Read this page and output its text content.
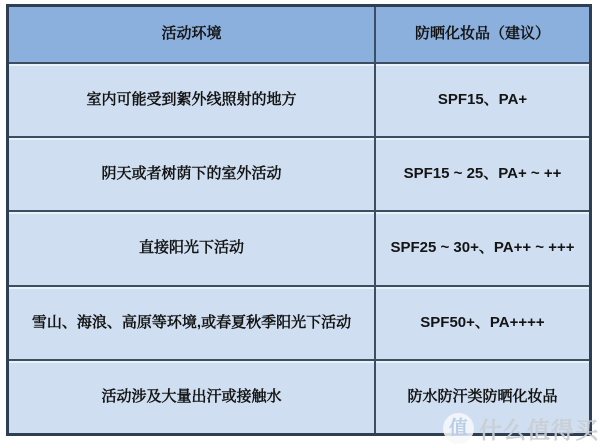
活动环境	防晒化妆品（建议）
室内可能受到絮外线照射的地方	SPF15、PA+
阴天或者树荫下的室外活动	SPF15 ~ 25、PA+ ~ ++
直接阳光下活动	SPF25 ~ 30+、PA++ ~ +++
雪山、海浪、高原等环境,或春夏秋季阳光下活动	SPF50+、PA++++
活动涉及大量出汗或接触水	防水防汗类防晒化妆品
值 什么值得买
